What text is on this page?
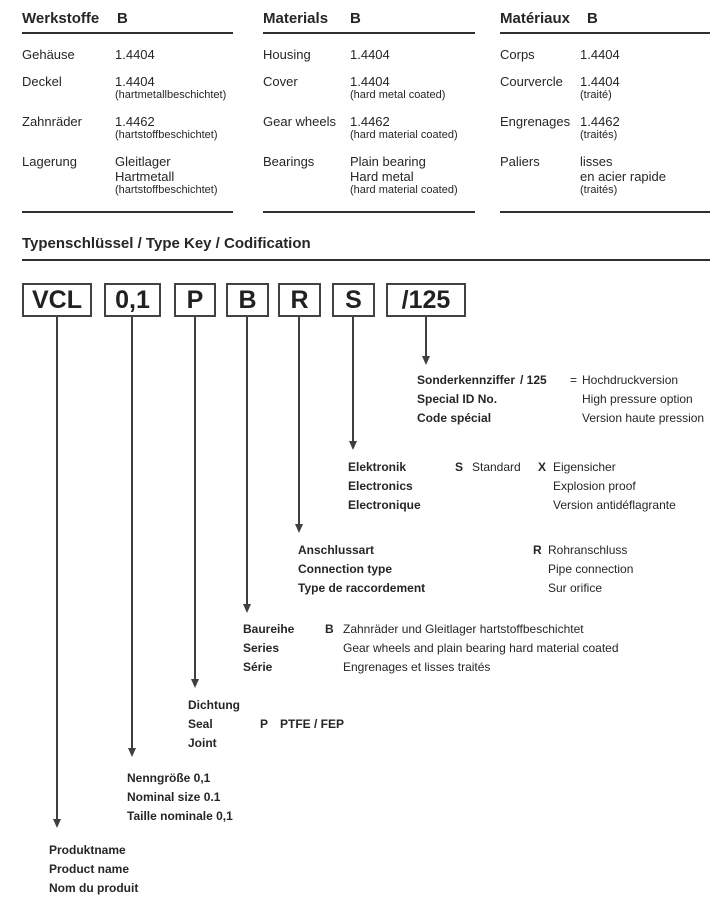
Werkstoffe	B
Gehäuse	1.4404
Deckel	1.4404
(hartmetallbeschichtet)
Zahnräder	1.4462
(hartstoffbeschichtet)
Lagerung	Gleitlager
Hartmetall
(hartstoffbeschichtet)
Materials	B
Housing	1.4404
Cover	1.4404
(hard metal coated)
Gear wheels	1.4462
(hard material coated)
Bearings	Plain bearing
Hard metal
(hard material coated)
Matériaux	B
Corps	1.4404
Courvercle	1.4404
(traité)
Engrenages 1.4462
(traités)
Paliers	lisses
en acier rapide
(traités)
Typenschlüssel / Type Key / Codification
VCL 0,1 P B R S /125
Sonderkennziffer / 125	= Hochdruckversion
Special ID No.	High pressure option
Code spécial	Version haute pression
Elektronik	S Standard	X Eigensicher
Electronics	Explosion proof
Electronique	Version antidéflagrante
Anschlussart	R Rohranschluss
Connection type	Pipe connection
Type de raccordement	Sur orifice
Baureihe	B Zahnräder und Gleitlager hartstoffbeschichtet
Series	Gear wheels and plain bearing hard material coated
Série	Engrenages et lisses traités
Dichtung
Seal	P PTFE / FEP
Joint
Nenngröße 0,1
Nominal size 0.1
Taille nominale 0,1
Produktname
Product name
Nom du produit
